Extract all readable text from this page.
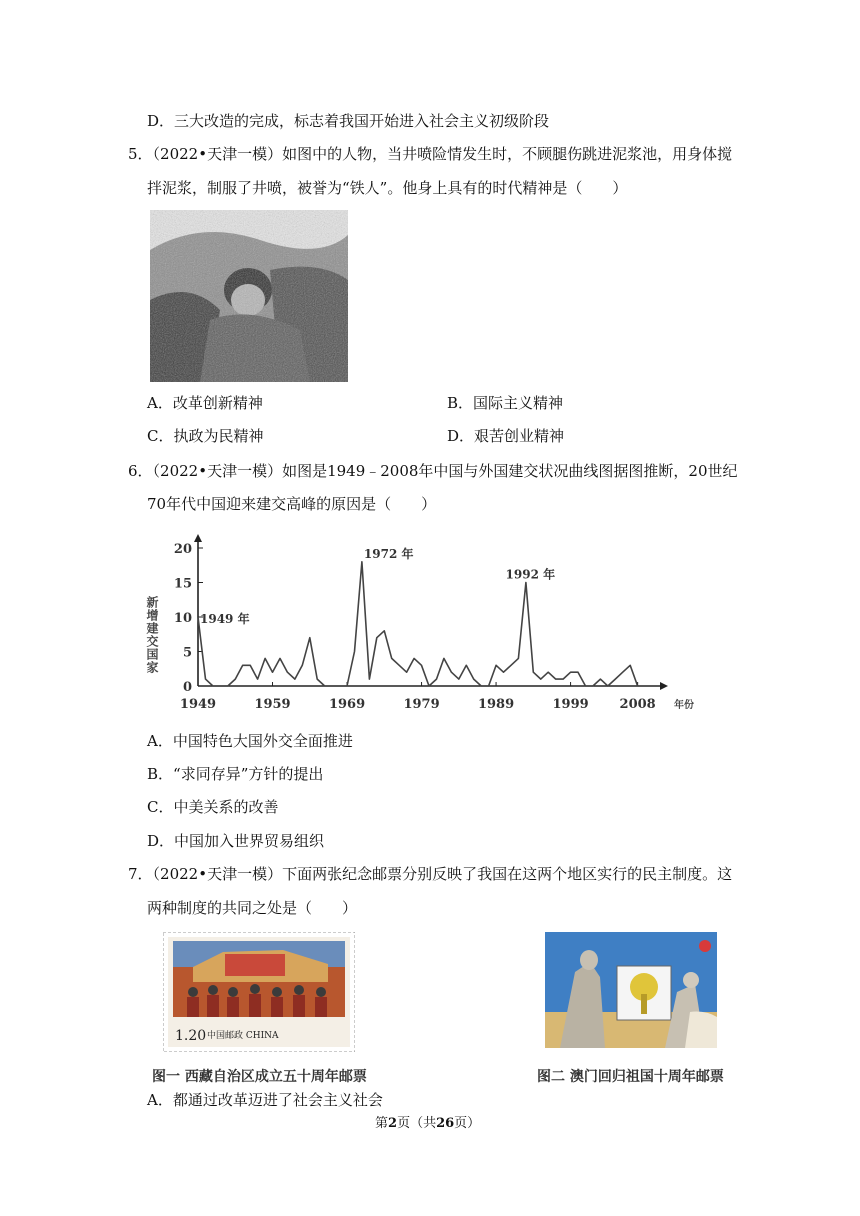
D．三大改造的完成，标志着我国开始进入社会主义初级阶段
5．（2022•天津一模）如图中的人物，当井喷险情发生时，不顾腿伤跳进泥浆池，用身体搅
拌泥浆，制服了井喷，被誉为“铁人”。他身上具有的时代精神是（　　）
A．改革创新精神	B．国际主义精神
C．执政为民精神	D．艰苦创业精神
6．（2022•天津一模）如图是1949﹣2008年中国与外国建交状况曲线图据图推断，20世纪
70年代中国迎来建交高峰的原因是（　　）
0
5
10
15
20
1949	1959	1969	1979	1989	1999 2008 年份
新增建交国家	1949 年
1972 年
1992 年
A．中国特色大国外交全面推进
B．“求同存异”方针的提出
C．中美关系的改善
D．中国加入世界贸易组织
7．（2022•天津一模）下面两张纪念邮票分别反映了我国在这两个地区实行的民主制度。这
两种制度的共同之处是（　　）
1.20 中国邮政 CHINA
图一 西藏自治区成立五十周年邮票	图二 澳门回归祖国十周年邮票
A．都通过改革迈进了社会主义社会
第2页（共26页）
